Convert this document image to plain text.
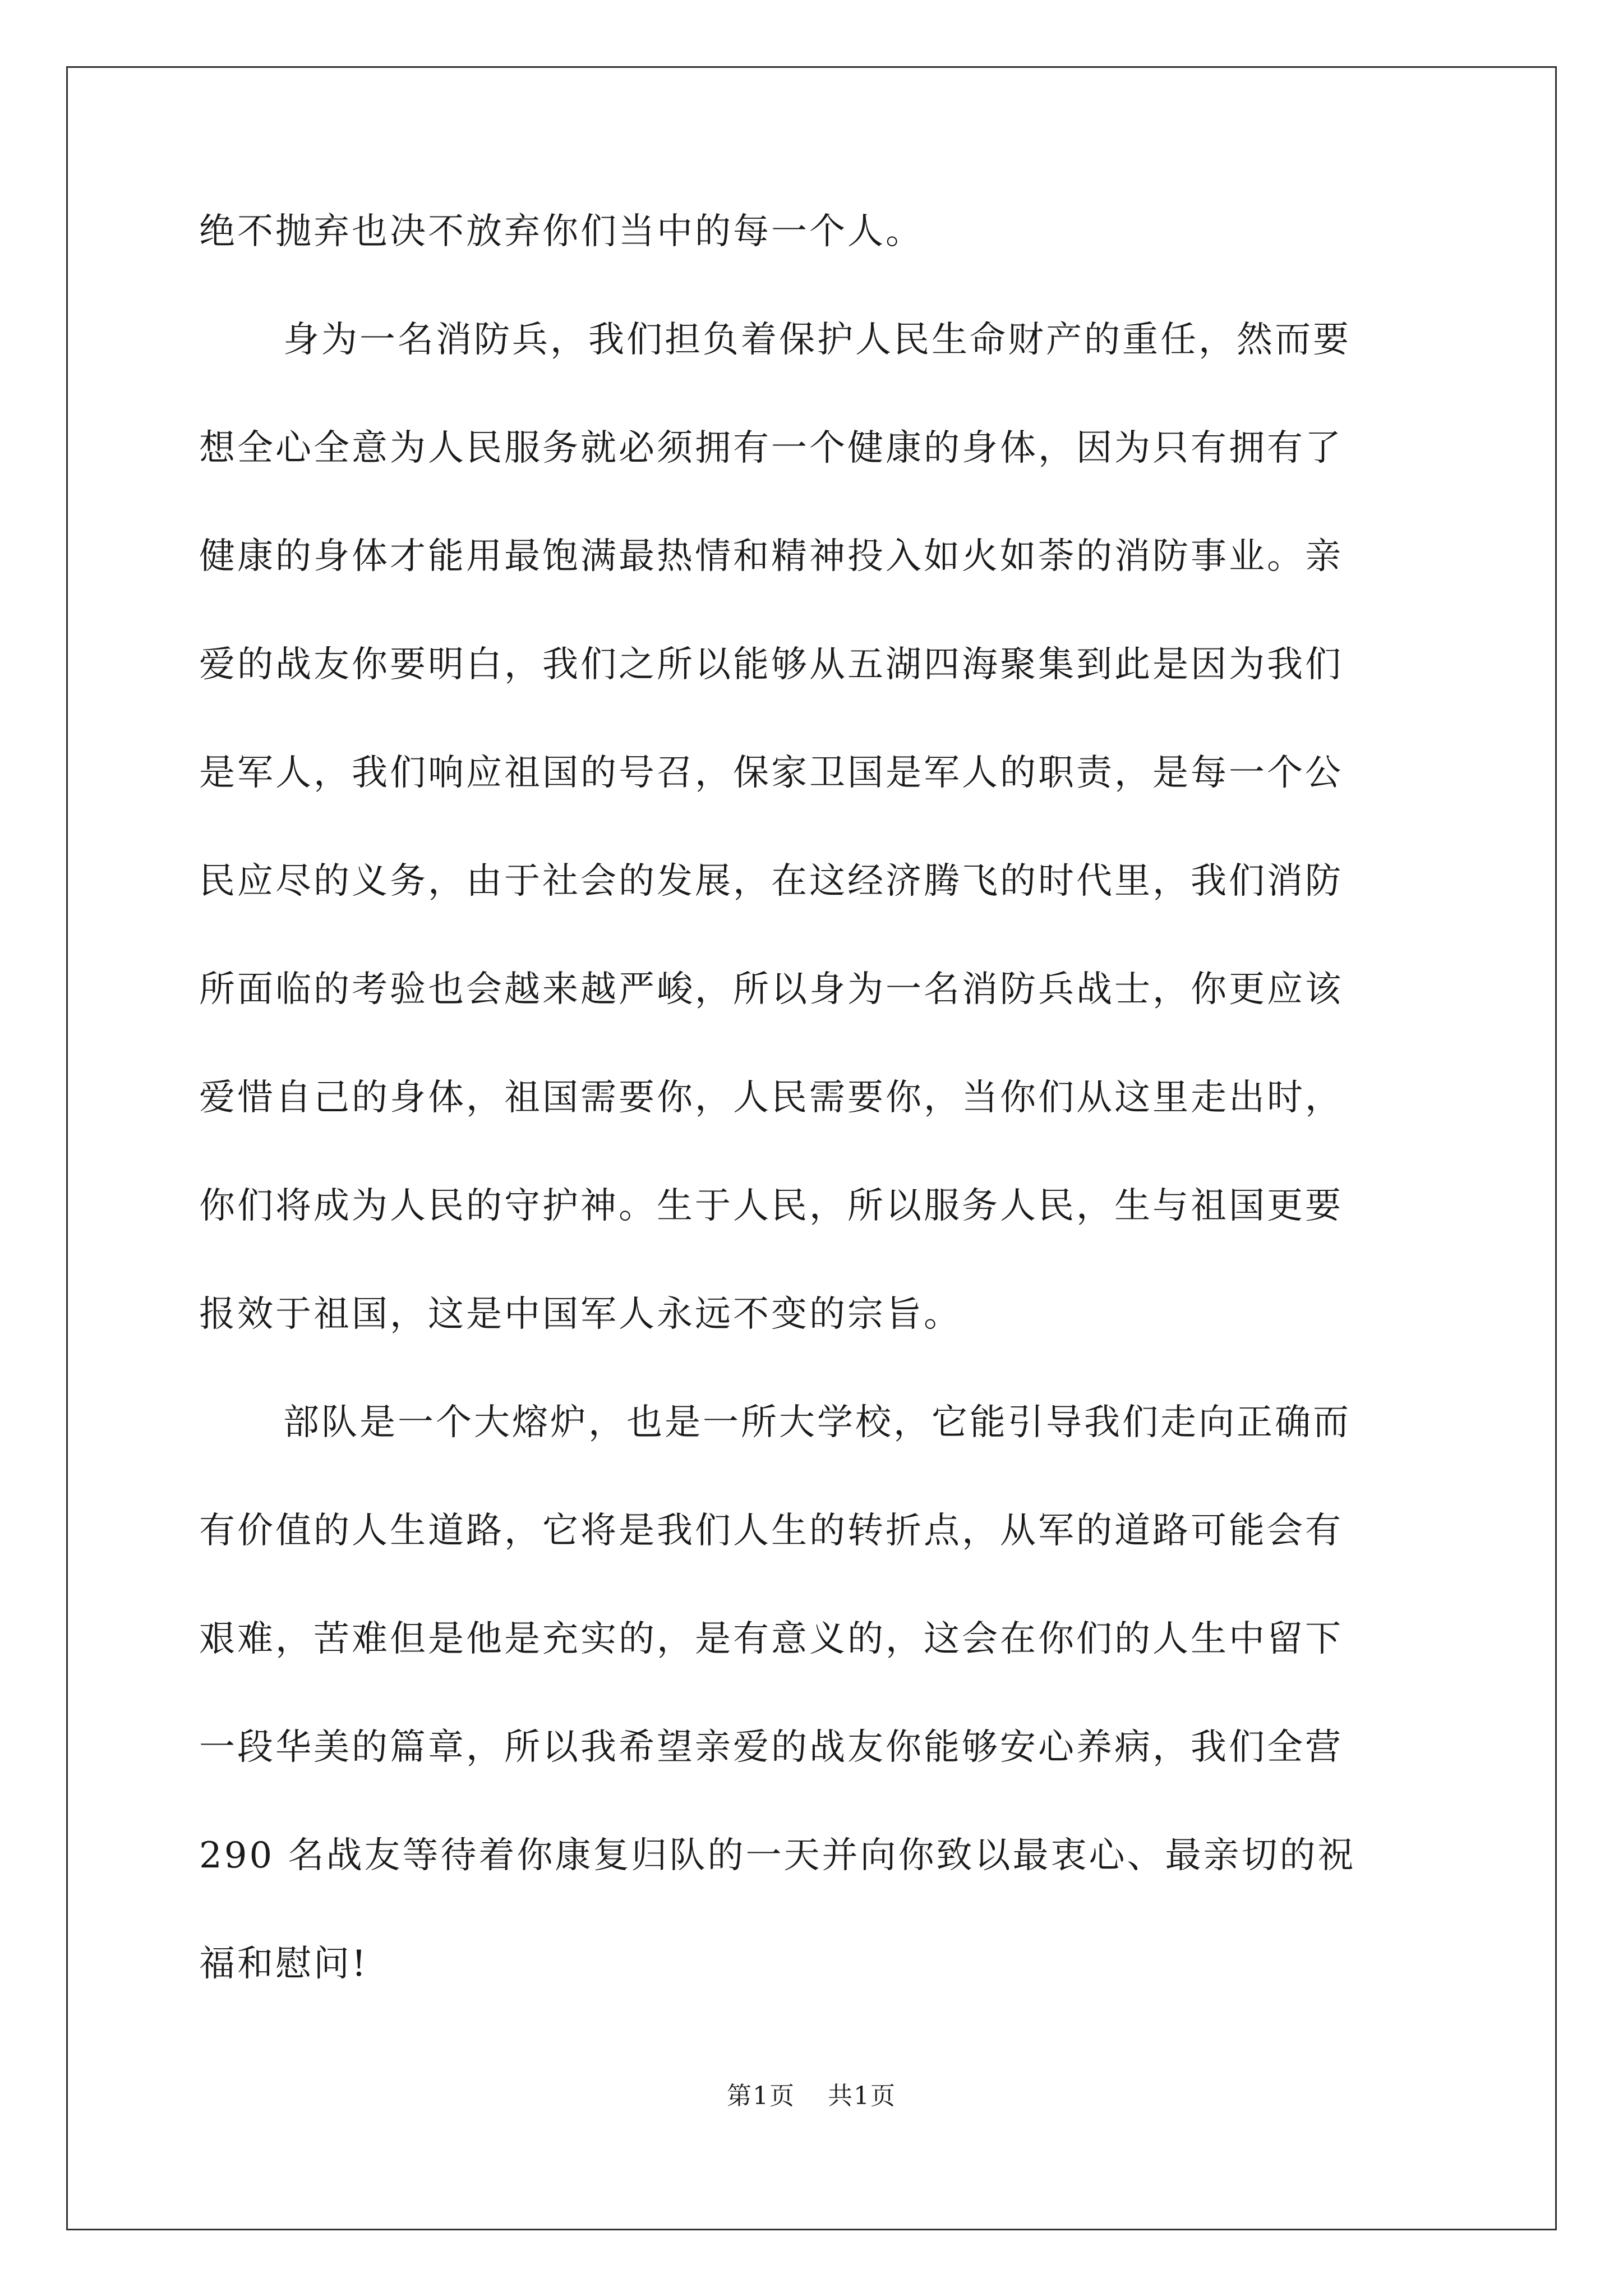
绝不抛弃也决不放弃你们当中的每一个人。
身为一名消防兵，我们担负着保护人民生命财产的重任，然而要
想全心全意为人民服务就必须拥有一个健康的身体，因为只有拥有了
健康的身体才能用最饱满最热情和精神投入如火如荼的消防事业。亲
爱的战友你要明白，我们之所以能够从五湖四海聚集到此是因为我们
是军人，我们响应祖国的号召，保家卫国是军人的职责，是每一个公
民应尽的义务，由于社会的发展，在这经济腾飞的时代里，我们消防
所面临的考验也会越来越严峻，所以身为一名消防兵战士，你更应该
爱惜自己的身体，祖国需要你，人民需要你，当你们从这里走出时，
你们将成为人民的守护神。生于人民，所以服务人民，生与祖国更要
报效于祖国，这是中国军人永远不变的宗旨。
部队是一个大熔炉，也是一所大学校，它能引导我们走向正确而
有价值的人生道路，它将是我们人生的转折点，从军的道路可能会有
艰难，苦难但是他是充实的，是有意义的，这会在你们的人生中留下
一段华美的篇章，所以我希望亲爱的战友你能够安心养病，我们全营
290 名战友等待着你康复归队的一天并向你致以最衷心、最亲切的祝
福和慰问!
第1页 共1页
